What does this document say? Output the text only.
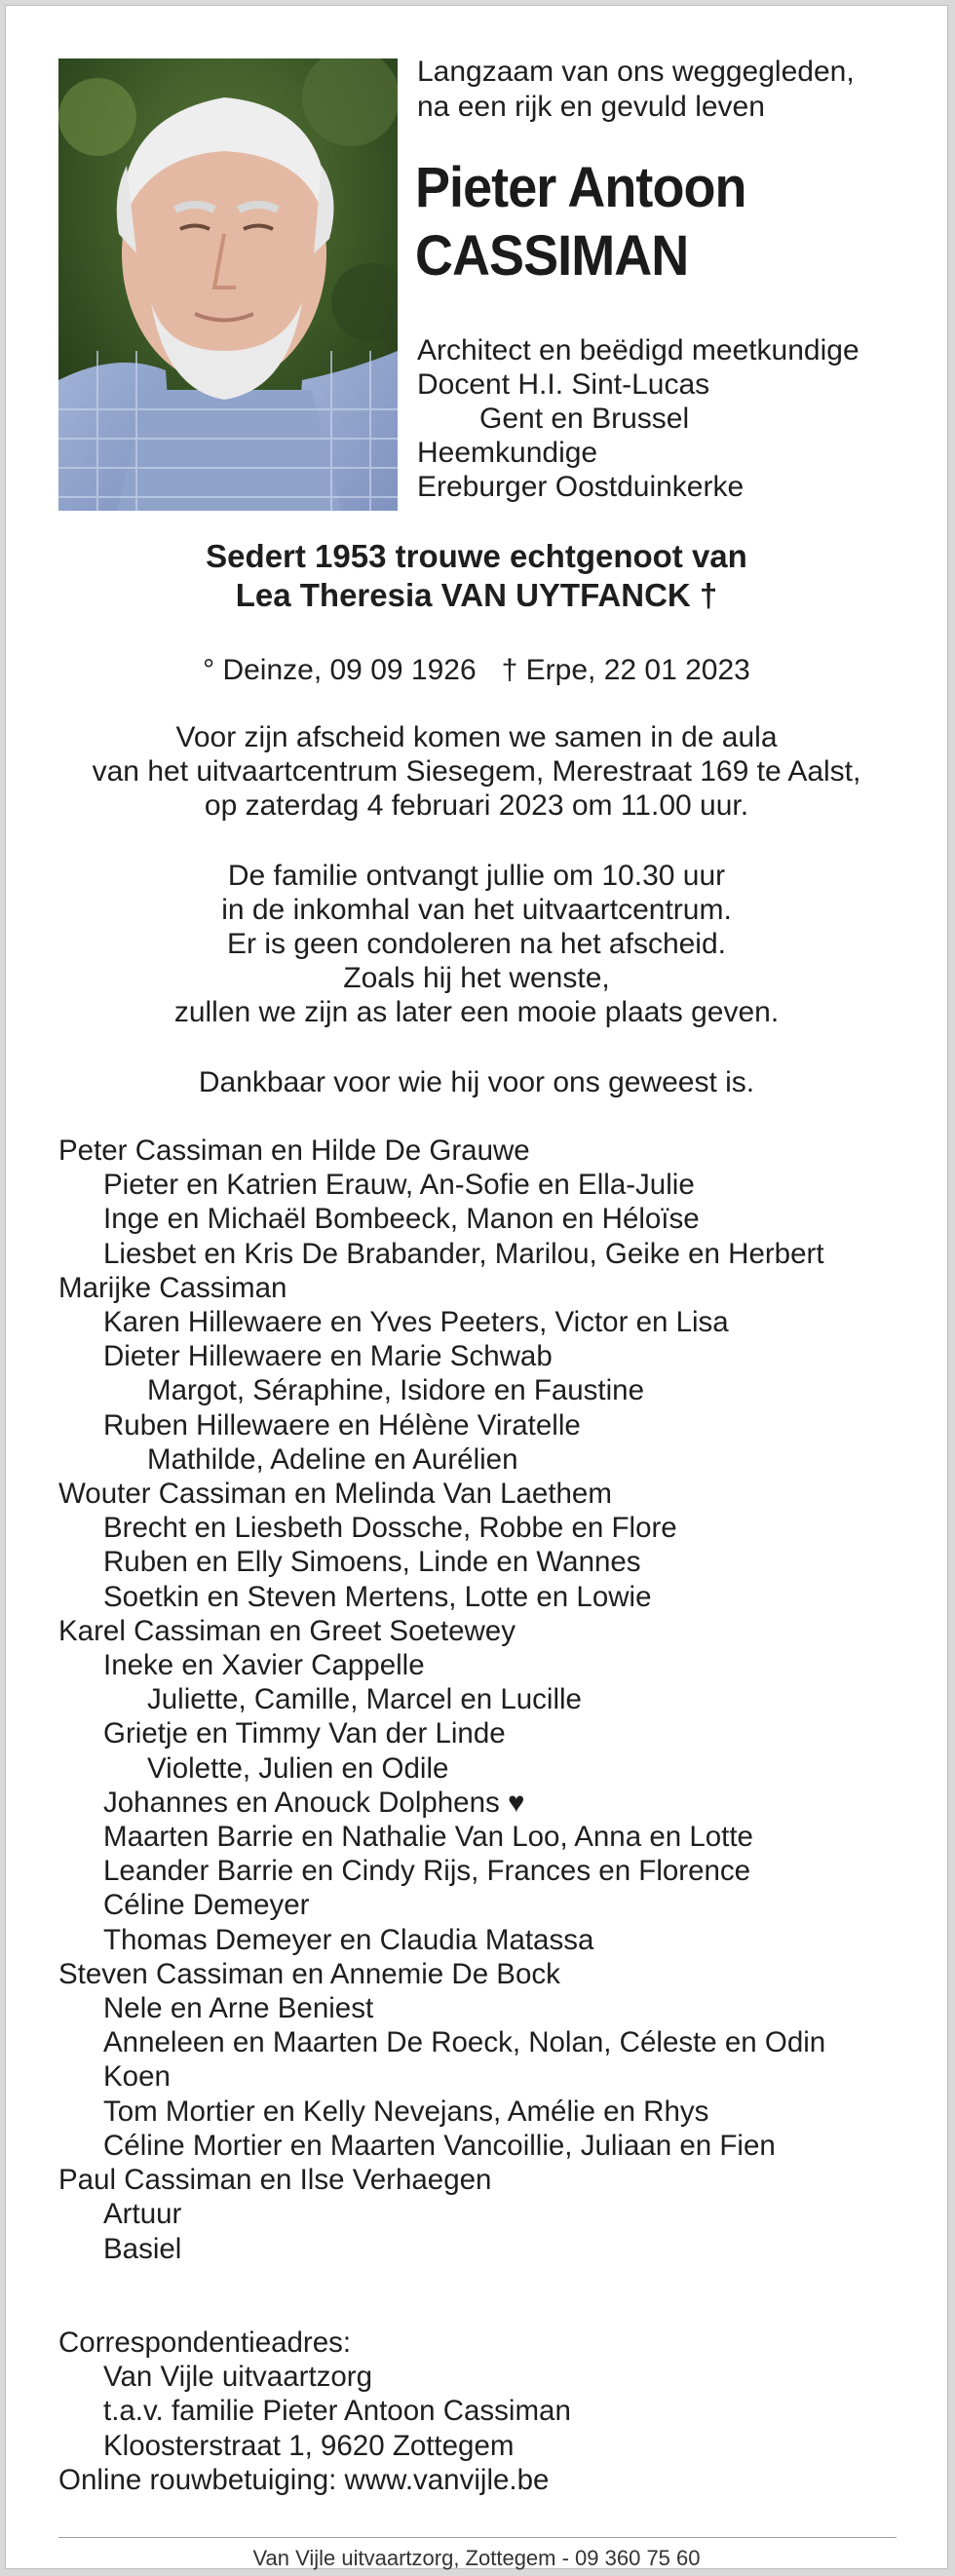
Langzaam van ons weggegleden,
na een rijk en gevuld leven
Pieter Antoon
CASSIMAN
Architect en beëdigd meetkundige
Docent H.I. Sint-Lucas
Gent en Brussel
Heemkundige
Ereburger Oostduinkerke
Sedert 1953 trouwe echtgenoot van
Lea Theresia VAN UYTFANCK †
° Deinze, 09 09 1926 † Erpe, 22 01 2023
Voor zijn afscheid komen we samen in de aula
van het uitvaartcentrum Siesegem, Merestraat 169 te Aalst,
op zaterdag 4 februari 2023 om 11.00 uur.
De familie ontvangt jullie om 10.30 uur
in de inkomhal van het uitvaartcentrum.
Er is geen condoleren na het afscheid.
Zoals hij het wenste,
zullen we zijn as later een mooie plaats geven.
Dankbaar voor wie hij voor ons geweest is.
Peter Cassiman en Hilde De Grauwe
Pieter en Katrien Erauw, An-Sofie en Ella-Julie
Inge en Michaël Bombeeck, Manon en Héloïse
Liesbet en Kris De Brabander, Marilou, Geike en Herbert
Marijke Cassiman
Karen Hillewaere en Yves Peeters, Victor en Lisa
Dieter Hillewaere en Marie Schwab
Margot, Séraphine, Isidore en Faustine
Ruben Hillewaere en Hélène Viratelle
Mathilde, Adeline en Aurélien
Wouter Cassiman en Melinda Van Laethem
Brecht en Liesbeth Dossche, Robbe en Flore
Ruben en Elly Simoens, Linde en Wannes
Soetkin en Steven Mertens, Lotte en Lowie
Karel Cassiman en Greet Soetewey
Ineke en Xavier Cappelle
Juliette, Camille, Marcel en Lucille
Grietje en Timmy Van der Linde
Violette, Julien en Odile
Johannes en Anouck Dolphens ♥
Maarten Barrie en Nathalie Van Loo, Anna en Lotte
Leander Barrie en Cindy Rijs, Frances en Florence
Céline Demeyer
Thomas Demeyer en Claudia Matassa
Steven Cassiman en Annemie De Bock
Nele en Arne Beniest
Anneleen en Maarten De Roeck, Nolan, Céleste en Odin
Koen
Tom Mortier en Kelly Nevejans, Amélie en Rhys
Céline Mortier en Maarten Vancoillie, Juliaan en Fien
Paul Cassiman en Ilse Verhaegen
Artuur
Basiel
Correspondentieadres:
Van Vijle uitvaartzorg
t.a.v. familie Pieter Antoon Cassiman
Kloosterstraat 1, 9620 Zottegem
Online rouwbetuiging: www.vanvijle.be
Van Vijle uitvaartzorg, Zottegem - 09 360 75 60
